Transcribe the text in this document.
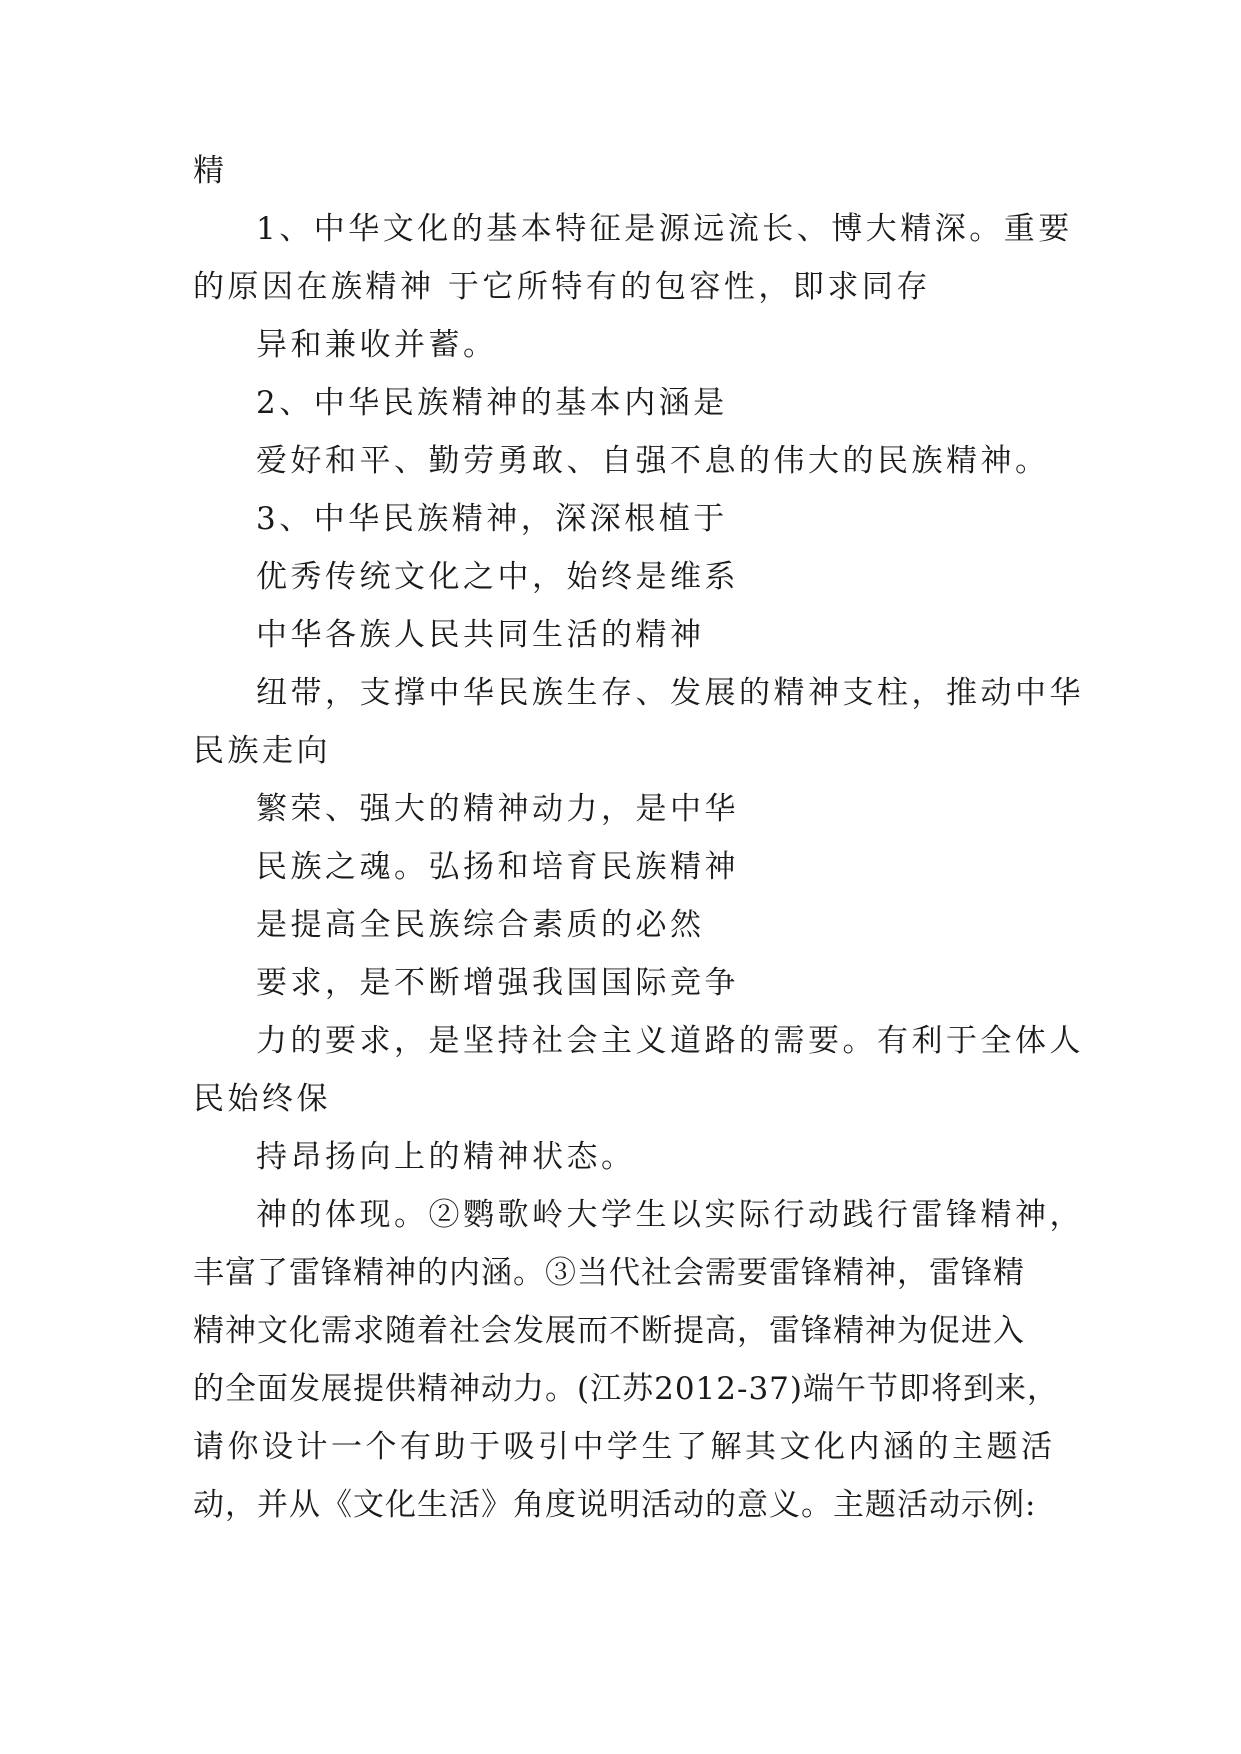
精

1、中华文化的基本特征是源远流长、博大精深。重要

的原因在族精神 于它所特有的包容性，即求同存

异和兼收并蓄。

2、中华民族精神的基本内涵是

爱好和平、勤劳勇敢、自强不息的伟大的民族精神。

3、中华民族精神，深深根植于

优秀传统文化之中，始终是维系

中华各族人民共同生活的精神

纽带，支撑中华民族生存、发展的精神支柱，推动中华

民族走向

繁荣、强大的精神动力，是中华

民族之魂。弘扬和培育民族精神

是提高全民族综合素质的必然

要求，是不断增强我国国际竞争

力的要求，是坚持社会主义道路的需要。有利于全体人

民始终保

持昂扬向上的精神状态。

神的体现。②鹦歌岭大学生以实际行动践行雷锋精神，

丰富了雷锋精神的内涵。③当代社会需要雷锋精神，雷锋精

精神文化需求随着社会发展而不断提高，雷锋精神为促进入

的全面发展提供精神动力。(江苏2012-37)端午节即将到来，

请你设计一个有助于吸引中学生了解其文化内涵的主题活

动，并从《文化生活》角度说明活动的意义。主题活动示例:
